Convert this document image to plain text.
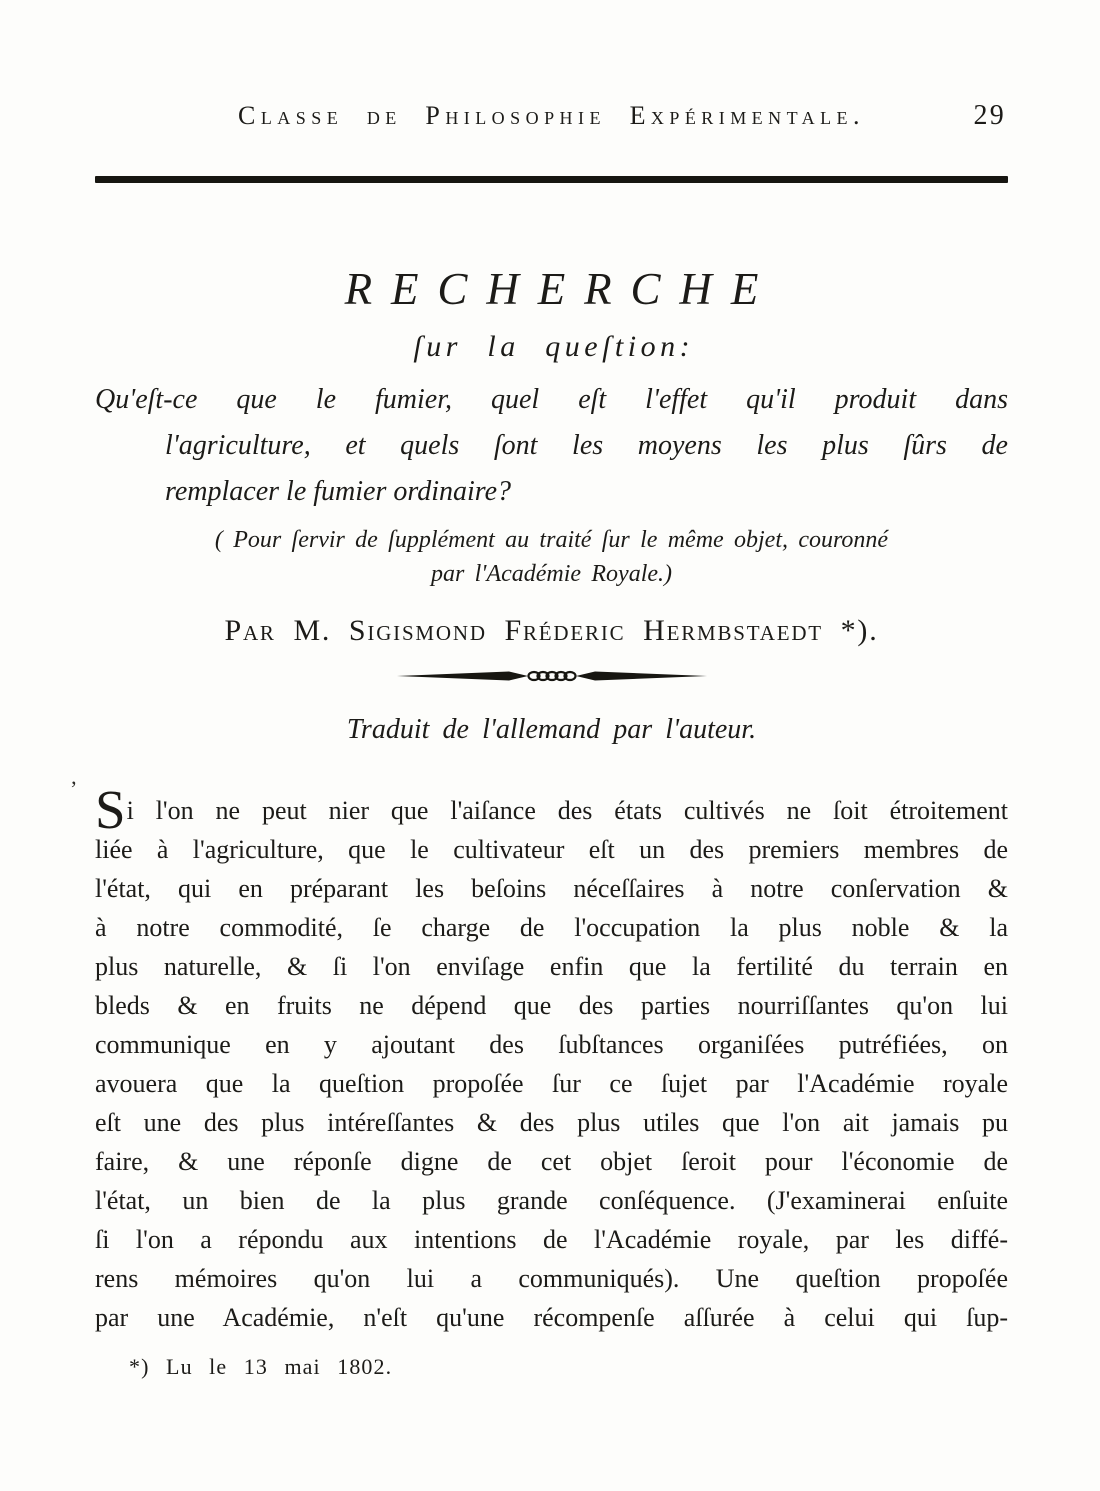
’
Classe de Philosophie Expérimentale.	29
RECHERCHE
ſur la queſtion:
Qu'eſt-ce que le fumier, quel eſt l'effet qu'il produit dans
l'agriculture, et quels ſont les moyens les plus ſûrs de
remplacer le fumier ordinaire?
( Pour ſervir de ſupplément au traité ſur le même objet, couronné
par l'Académie Royale.)
Par M. Sigismond Fréderic Hermbstaedt *).
Traduit de l'allemand par l'auteur.
Si l'on ne peut nier que l'aiſance des états cultivés ne ſoit étroitement
liée à l'agriculture, que le cultivateur eſt un des premiers membres de
l'état, qui en préparant les beſoins néceſſaires à notre conſervation &
à notre commodité, ſe charge de l'occupation la plus noble & la
plus naturelle, & ſi l'on enviſage enfin que la fertilité du terrain en
bleds & en fruits ne dépend que des parties nourriſſantes qu'on lui
communique en y ajoutant des ſubſtances organiſées putréfiées, on
avouera que la queſtion propoſée ſur ce ſujet par l'Académie royale
eſt une des plus intéreſſantes & des plus utiles que l'on ait jamais pu
faire, & une réponſe digne de cet objet ſeroit pour l'économie de
l'état, un bien de la plus grande conſéquence. (J'examinerai enſuite
ſi l'on a répondu aux intentions de l'Académie royale, par les diffé-
rens mémoires qu'on lui a communiqués). Une queſtion propoſée
par une Académie, n'eſt qu'une récompenſe aſſurée à celui qui ſup-
*) Lu le 13 mai 1802.
